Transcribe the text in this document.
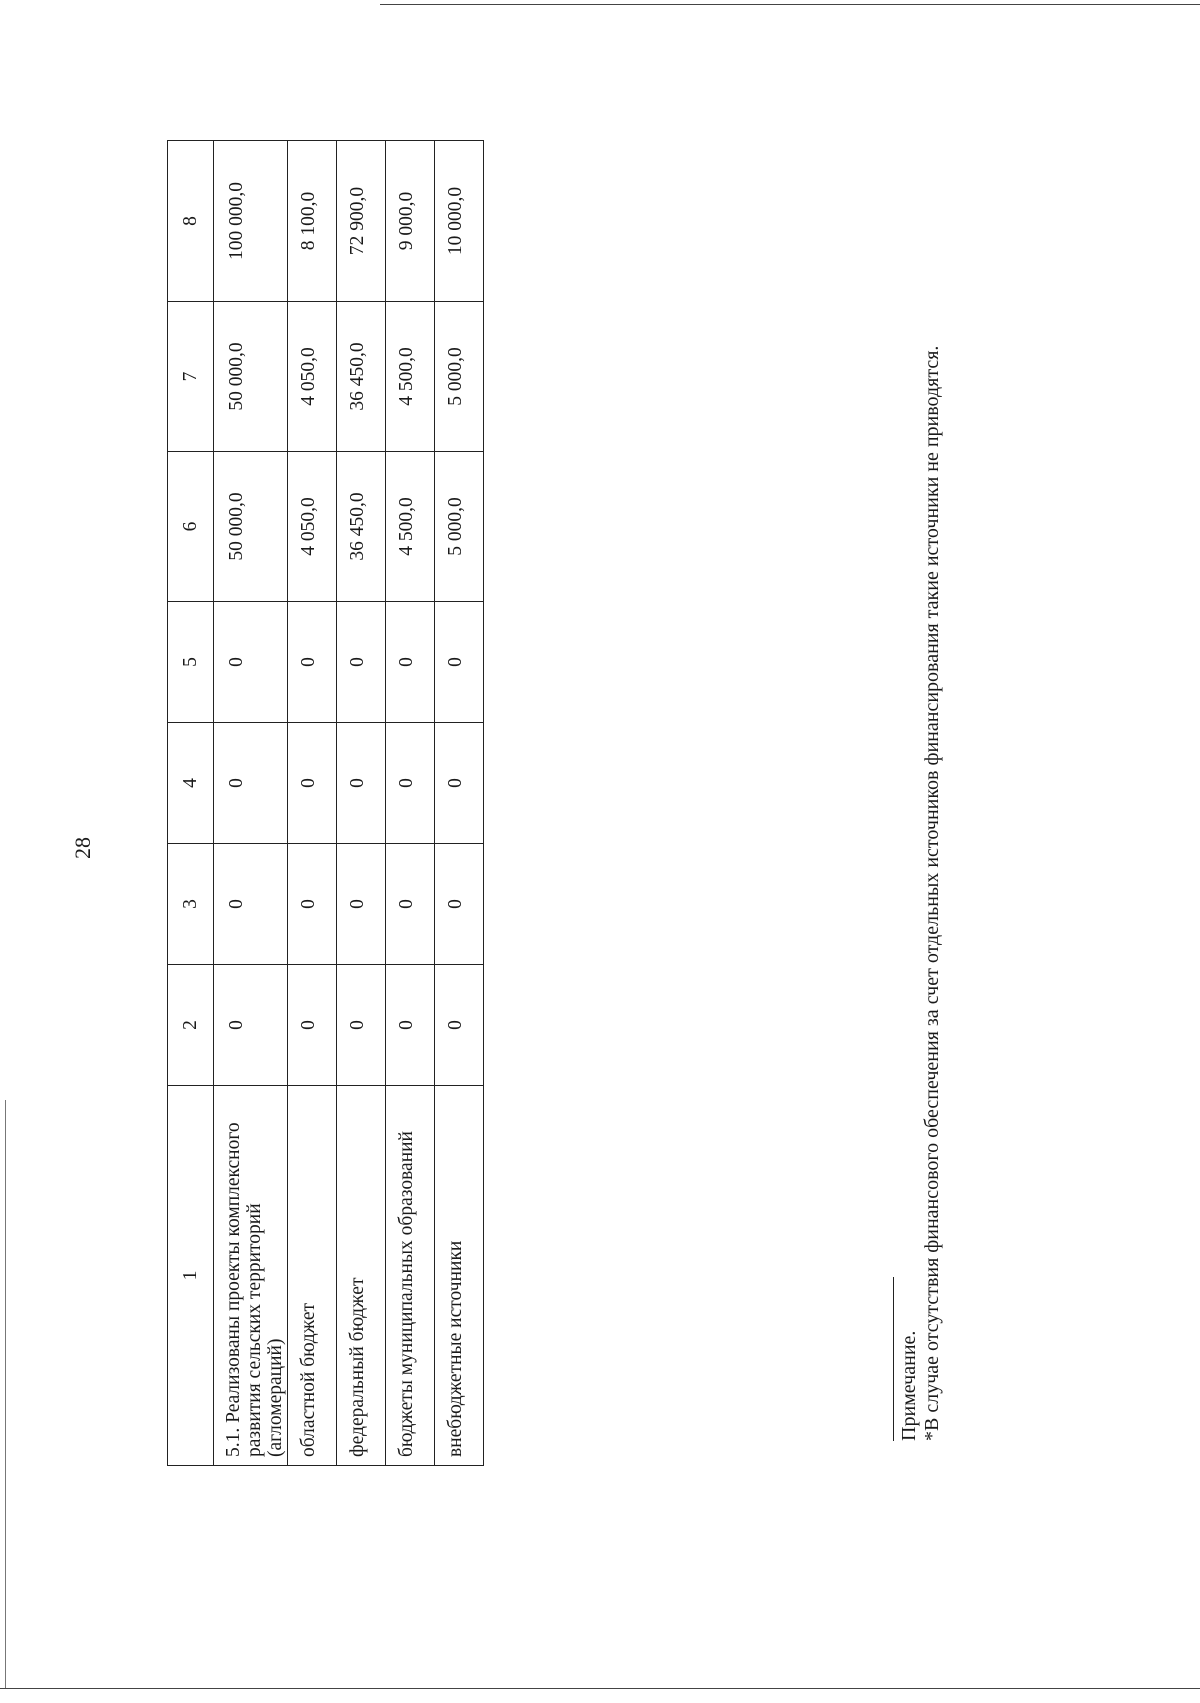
28
1	2	3	4	5	6	7	8
5.1. Реализованы проекты комплексного развития сельских территорий (агломераций)	0	0	0	0	50 000,0	50 000,0	100 000,0
областной бюджет	0	0	0	0	4 050,0	4 050,0	8 100,0
федеральный бюджет	0	0	0	0	36 450,0	36 450,0	72 900,0
бюджеты муниципальных образований	0	0	0	0	4 500,0	4 500,0	9 000,0
внебюджетные источники	0	0	0	0	5 000,0	5 000,0	10 000,0
Примечание. *В случае отсутствия финансового обеспечения за счет отдельных источников финансирования такие источники не приводятся.
